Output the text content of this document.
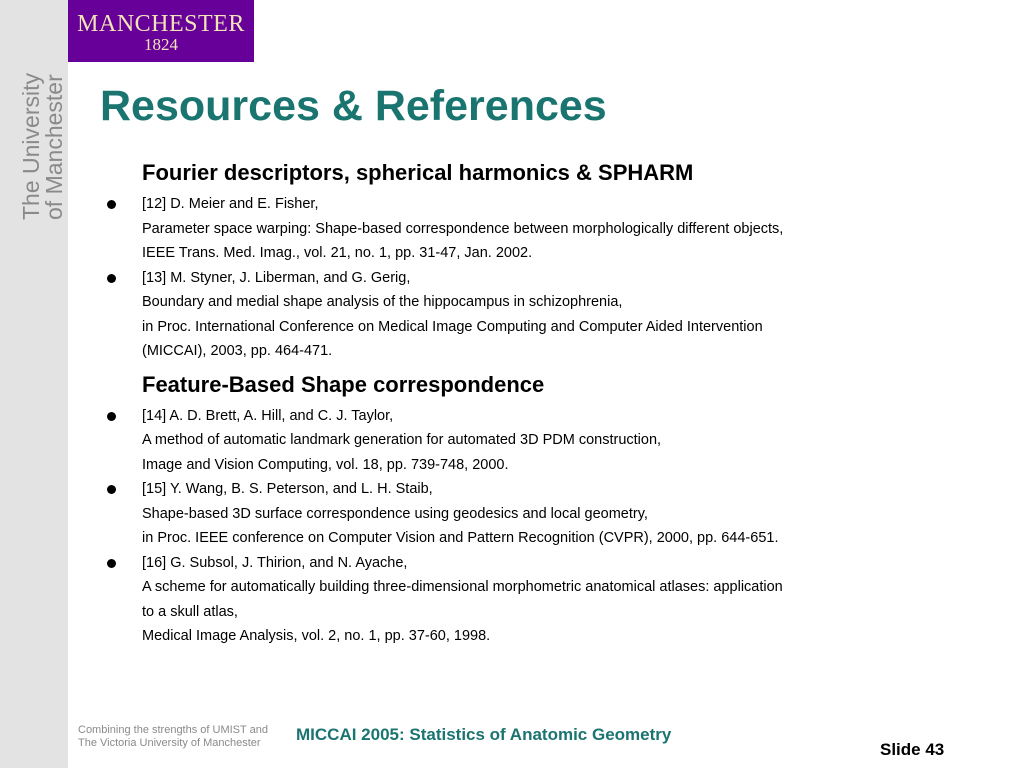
The University
of Manchester
MANCHESTER
1824
Resources & References
Fourier descriptors, spherical harmonics & SPHARM
[12] D. Meier and E. Fisher,
Parameter space warping: Shape-based correspondence between morphologically different objects,
IEEE Trans. Med. Imag., vol. 21, no. 1, pp. 31-47, Jan. 2002.
[13] M. Styner, J. Liberman, and G. Gerig,
Boundary and medial shape analysis of the hippocampus in schizophrenia,
in Proc. International Conference on Medical Image Computing and Computer Aided Intervention
(MICCAI), 2003, pp. 464-471.
Feature-Based Shape correspondence
[14] A. D. Brett, A. Hill, and C. J. Taylor,
A method of automatic landmark generation for automated 3D PDM construction,
Image and Vision Computing, vol. 18, pp. 739-748, 2000.
[15] Y. Wang, B. S. Peterson, and L. H. Staib,
Shape-based 3D surface correspondence using geodesics and local geometry,
in Proc. IEEE conference on Computer Vision and Pattern Recognition (CVPR), 2000, pp. 644-651.
[16] G. Subsol, J. Thirion, and N. Ayache,
A scheme for automatically building three-dimensional morphometric anatomical atlases: application
to a skull atlas,
Medical Image Analysis, vol. 2, no. 1, pp. 37-60, 1998.
Combining the strengths of UMIST and
The Victoria University of Manchester	MICCAI 2005: Statistics of Anatomic Geometry
Slide 43
